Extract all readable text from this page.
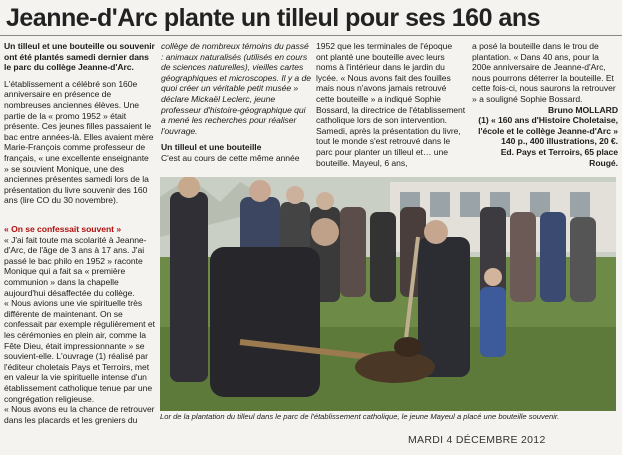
Jeanne-d'Arc plante un tilleul pour ses 160 ans

Un tilleul et une bouteille ou souvenir ont été plantés samedi dernier dans le parc du collège Jeanne-d'Arc.

L'établissement a célébré son 160e anniversaire en présence de nombreuses anciennes élèves. Une partie de la « promo 1952 » était présente. Ces jeunes filles passaient le bac entre années-là. Elles avaient mère Marie-François comme professeur de français, « une excellente enseignante » se souvient Monique, une des anciennes présentes samedi lors de la présentation du livre souvenir des 160 ans (lire CO du 30 novembre).

« On se confessait souvent »

« J'ai fait toute ma scolarité à Jeanne-d'Arc, de l'âge de 3 ans à 17 ans. J'ai passé le bac philo en 1952 » raconte Monique qui a fait sa « première communion » dans la chapelle aujourd'hui désaffectée du collège.

« Nous avions une vie spirituelle très différente de maintenant. On se confessait par exemple régulièrement et les cérémonies en plein air, comme la Fête Dieu, était impressionnante » se souvient-elle. L'ouvrage (1) réalisé par l'éditeur choletais Pays et Terroirs, met en valeur la vie spirituelle intense d'un établissement catholique tenue par une congrégation religieuse.

« Nous avons eu la chance de retrouver dans les placards et les greniers du

collège de nombreux témoins du passé : animaux naturalisés (utilisés en cours de sciences naturelles), vieilles cartes géographiques et microscopes. Il y a de quoi créer un véritable petit musée » déclare Mickaël Leclerc, jeune professeur d'histoire-géographique qui a mené les recherches pour réaliser l'ouvrage.

Un tilleul et une bouteille

C'est au cours de cette même année

1952 que les terminales de l'époque ont planté une bouteille avec leurs noms à l'intérieur dans le jardin du lycée. « Nous avons fait des fouilles mais nous n'avons jamais retrouvé cette bouteille » a indiqué Sophie Bossard, la directrice de l'établissement catholique lors de son intervention. Samedi, après la présentation du livre, tout le monde s'est retrouvé dans le parc pour planter un tilleul et… une bouteille. Mayeul, 6 ans,

a posé la bouteille dans le trou de plantation. « Dans 40 ans, pour la 200e anniversaire de Jeanne-d'Arc, nous pourrons déterrer la bouteille. Et cette fois-ci, nous saurons la retrouver » a souligné Sophie Bossard.

Bruno MOLLARD

(1) « 160 ans d'Histoire Choletaise, l'école et le collège Jeanne-d'Arc »

140 p., 400 illustrations, 20 €.

Ed. Pays et Terroirs, 65 place Rougé.

Lor de la plantation du tilleul dans le parc de l'établissement catholique, le jeune Mayeul a placé une bouteille souvenir.
MARDI 4 DÉCEMBRE 2012
